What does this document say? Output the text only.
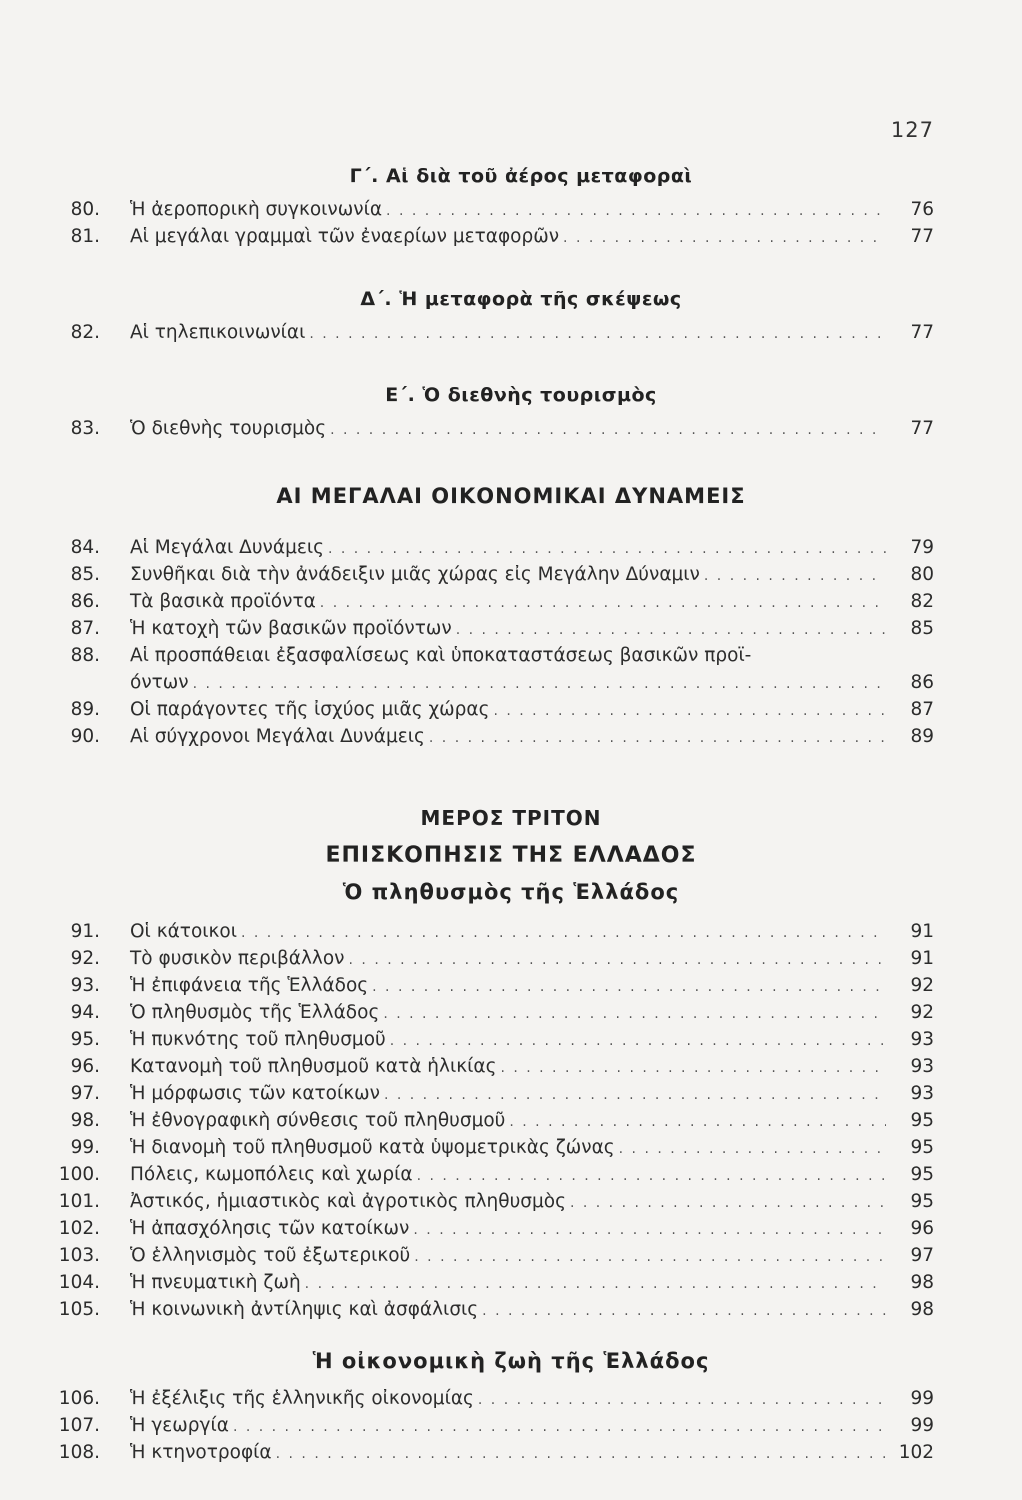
127

Γ΄. Αἱ διὰ τοῦ ἀέρος μεταφοραὶ

80. Ἡ ἀεροπορικὴ συγκοινωνία . . .	76
81. Αἱ μεγάλαι γραμμαὶ τῶν ἐναερίων μεταφορῶν . . .	77

Δ΄. Ἡ μεταφορὰ τῆς σκέψεως

82. Αἱ τηλεπικοινωνίαι . . .	77

Ε΄. Ὁ διεθνὴς τουρισμὸς

83. Ὁ διεθνὴς τουρισμὸς . . .	77

ΑΙ ΜΕΓΑΛΑΙ ΟΙΚΟΝΟΜΙΚΑΙ ΔΥΝΑΜΕΙΣ

84. Αἱ Μεγάλαι Δυνάμεις . . .	79
85. Συνθῆκαι διὰ τὴν ἀνάδειξιν μιᾶς χώρας εἰς Μεγάλην Δύναμιν . . .	80
86. Τὰ βασικὰ προϊόντα . . .	82
87. Ἡ κατοχὴ τῶν βασικῶν προϊόντων . . .	85
88. Αἱ προσπάθειαι ἐξασφαλίσεως καὶ ὑποκαταστάσεως βασικῶν προϊ-
όντων . . .	86
89. Οἱ παράγοντες τῆς ἰσχύος μιᾶς χώρας . . .	87
90. Αἱ σύγχρονοι Μεγάλαι Δυνάμεις . . .	89

ΜΕΡΟΣ ΤΡΙΤΟΝ

ΕΠΙΣΚΟΠΗΣΙΣ ΤΗΣ ΕΛΛΑΔΟΣ

Ὁ πληθυσμὸς τῆς Ἑλλάδος

91. Οἱ κάτοικοι . . .	91
92. Τὸ φυσικὸν περιβάλλον . . .	91
93. Ἡ ἐπιφάνεια τῆς Ἑλλάδος . . .	92
94. Ὁ πληθυσμὸς τῆς Ἑλλάδος . . .	92
95. Ἡ πυκνότης τοῦ πληθυσμοῦ . . .	93
96. Κατανομὴ τοῦ πληθυσμοῦ κατὰ ἡλικίας . . .	93
97. Ἡ μόρφωσις τῶν κατοίκων . . .	93
98. Ἡ ἐθνογραφικὴ σύνθεσις τοῦ πληθυσμοῦ . . .	95
99. Ἡ διανομὴ τοῦ πληθυσμοῦ κατὰ ὑψομετρικὰς ζώνας . . .	95
100. Πόλεις, κωμοπόλεις καὶ χωρία . . .	95
101. Ἀστικός, ἡμιαστικὸς καὶ ἀγροτικὸς πληθυσμὸς . . .	95
102. Ἡ ἀπασχόλησις τῶν κατοίκων . . .	96
103. Ὁ ἑλληνισμὸς τοῦ ἐξωτερικοῦ . . .	97
104. Ἡ πνευματικὴ ζωὴ . . .	98
105. Ἡ κοινωνικὴ ἀντίληψις καὶ ἀσφάλισις . . .	98

Ἡ οἰκονομικὴ ζωὴ τῆς Ἑλλάδος

106. Ἡ ἐξέλιξις τῆς ἑλληνικῆς οἰκονομίας . . .	99
107. Ἡ γεωργία . . .	99
108. Ἡ κτηνοτροφία . . .	102
